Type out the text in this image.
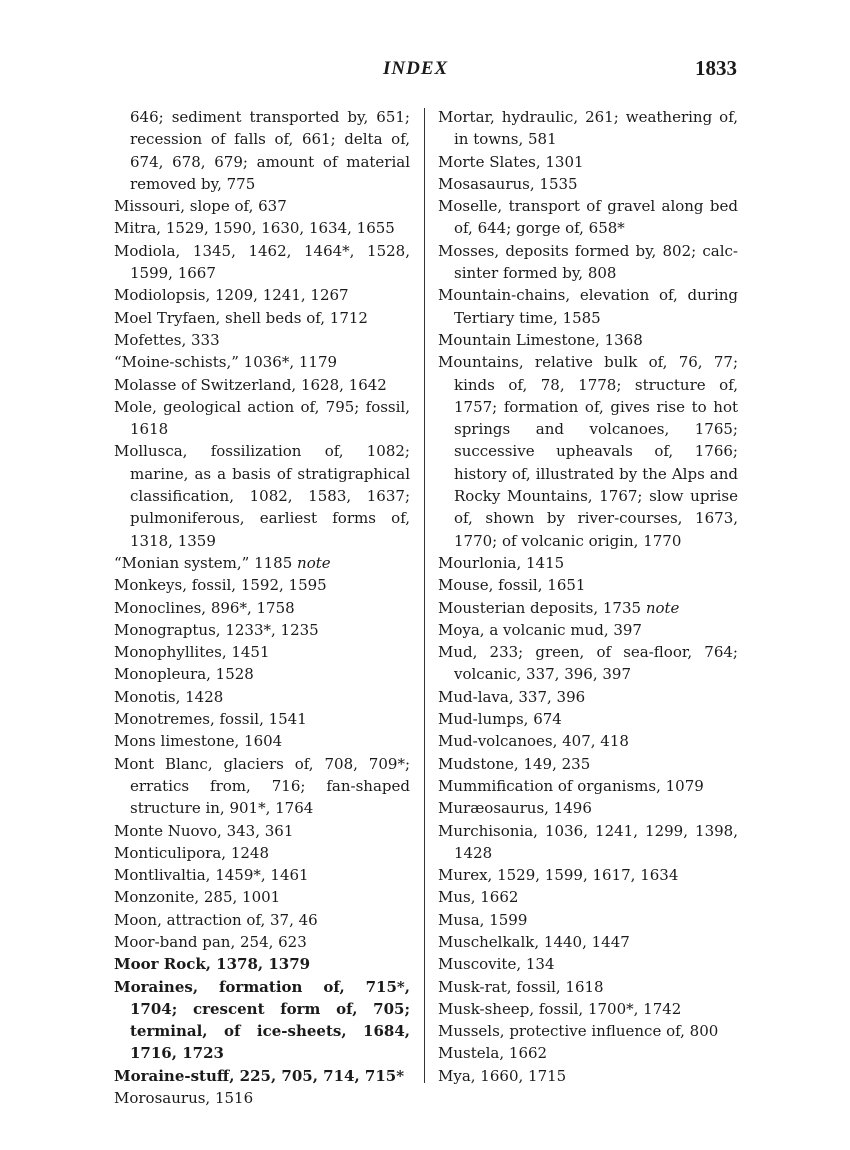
INDEX	1833
646; sediment transported by, 651; recession of falls of, 661; delta of, 674, 678, 679; amount of material removed by, 775
Missouri, slope of, 637
Mitra, 1529, 1590, 1630, 1634, 1655
Modiola, 1345, 1462, 1464*, 1528, 1599, 1667
Modiolopsis, 1209, 1241, 1267
Moel Tryfaen, shell beds of, 1712
Mofettes, 333
“Moine-schists,” 1036*, 1179
Molasse of Switzerland, 1628, 1642
Mole, geological action of, 795; fossil, 1618
Mollusca, fossilization of, 1082; marine, as a basis of stratigraphical classification, 1082, 1583, 1637; pulmoniferous, earliest forms of, 1318, 1359
“Monian system,” 1185 note
Monkeys, fossil, 1592, 1595
Monoclines, 896*, 1758
Monograptus, 1233*, 1235
Monophyllites, 1451
Monopleura, 1528
Monotis, 1428
Monotremes, fossil, 1541
Mons limestone, 1604
Mont Blanc, glaciers of, 708, 709*; erratics from, 716; fan-shaped structure in, 901*, 1764
Monte Nuovo, 343, 361
Monticulipora, 1248
Montlivaltia, 1459*, 1461
Monzonite, 285, 1001
Moon, attraction of, 37, 46
Moor-band pan, 254, 623
Moor Rock, 1378, 1379
Moraines, formation of, 715*, 1704; crescent form of, 705; terminal, of ice-sheets, 1684, 1716, 1723
Moraine-stuff, 225, 705, 714, 715*
Morosaurus, 1516
Mortar, hydraulic, 261; weathering of, in towns, 581
Morte Slates, 1301
Mosasaurus, 1535
Moselle, transport of gravel along bed of, 644; gorge of, 658*
Mosses, deposits formed by, 802; calc-sinter formed by, 808
Mountain-chains, elevation of, during Tertiary time, 1585
Mountain Limestone, 1368
Mountains, relative bulk of, 76, 77; kinds of, 78, 1778; structure of, 1757; formation of, gives rise to hot springs and volcanoes, 1765; successive upheavals of, 1766; history of, illustrated by the Alps and Rocky Mountains, 1767; slow uprise of, shown by river-courses, 1673, 1770; of volcanic origin, 1770
Mourlonia, 1415
Mouse, fossil, 1651
Mousterian deposits, 1735 note
Moya, a volcanic mud, 397
Mud, 233; green, of sea-floor, 764; volcanic, 337, 396, 397
Mud-lava, 337, 396
Mud-lumps, 674
Mud-volcanoes, 407, 418
Mudstone, 149, 235
Mummification of organisms, 1079
Muræosaurus, 1496
Murchisonia, 1036, 1241, 1299, 1398, 1428
Murex, 1529, 1599, 1617, 1634
Mus, 1662
Musa, 1599
Muschelkalk, 1440, 1447
Muscovite, 134
Musk-rat, fossil, 1618
Musk-sheep, fossil, 1700*, 1742
Mussels, protective influence of, 800
Mustela, 1662
Mya, 1660, 1715
